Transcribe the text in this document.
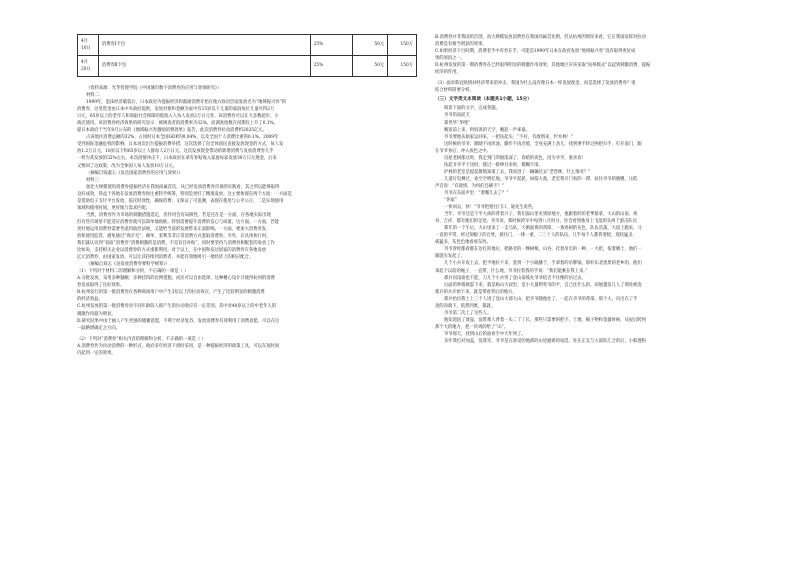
4月
10日	消费券Ⅰ卡包	25%	50元	150万

4月
20日	消费券Ⅱ卡包	25%	50元	150万
（资料来源：光华管理学院《中国城市数字消费券的应用与效果研究》）
材料二：
1999年，泡沫经济破裂后，日本政府为提振经济和鼓励消费开始在地方政府层面发放名为“地域振兴券”的
消费券，这笔资金由日本中央政府提供，发放对象和金额为家中有15岁以下儿童的家庭每位儿童可得2万
日元，65岁以上的老年人和领取社会保障的低收入人每人发放2万日元券。该消费券可以在大多数超市、小
商店使用。该消费券经济效果的研究显示：被调查者的消费率为32%，而调查指数在同期仅上升了0.1%。
提日本政府于当年8月公布的《地域振兴券激励消费效果》报告，此次消费券拉动消费约2025亿元。
占该地区消费总额的32%，占同时日本全国GDP的0.04%，以及全国个人消费比重的0.1%。2009年
受到国际金融危机的影响，日本再次出台提振消费举措，这次选择了向全体国民直接发放现金的方式，每人发
放1.2万日元，18岁以下和65岁以上人群每人2万日元。这次发放现金带动的新增消费与发放消费券几乎
一样为其发放的32%左右。本次疫情冲击下，日本政府在拿有补贴收入家庭每家发放30万日元现金，后来
又像回了这政策，改为全体国人每人发放10万日元。
（摘编自钱淑玉《发达国家消费券的应用与效果》）
材料三：
加比大规模使用消费券提振经济在我国尚属首次，从已经发放消费券市场的实践看，其之所以能够取得
良好成效，得益于各地在发放消费券时注重科学统筹，特别是更好了精准发放。这主要体现在两个方面：一方面是
是借助电子支付平台发放，依托时效性，确保消费；又保证了可追溯，表现在使用与公平公正，二是实现使用
领域和使用时间，更好地与需求匹配。
当然，消费券作为市场的刺激措施选定，但作用会有局限性。若是还在是一方面，在各地实际出现
但有些市场原不能适应消费券就可以简单地助推。特别需要提升消费的信心与质量，这方面。一方面，若能
更好地运用消费券需要考虑到政治法规，又能给当前的发展带来正面影响。一方面，要加大消费券发
放和使用监管，避免通过“商羊毛”、刷单、套利等非正常消费方式套取消费券。另外，在具体执行时，
我们就认识到“双面”消费券“消费刺激的是消费，不是盲目补贴”，同时要坚持与消费券相配套的发放工作
比如说，支持相关企业以消费券的方式重新利用。对于以上，在中国和发达国家的消费券在各地发放
亿元消费券，由国家发放，可以让其持续到消费者，并能有效地吸引一批经济上的相应配合。
（摘编自刘志《论发放消费券要科学统筹》）
（1）下列对于材料二的理解和分析，不正确的一项是（ ）
A.分批发放，采用多种题额，多种挂钩的比例措施，而民可以自由选择，这种精心设计计使得杭州的消费
券发放取得了良好效果。
B.杭州发行的第一批消费券在各种商场用户中产生3倍以上的拉动效应，产生了比较明显的刺激消费
的经济效益。
C.杭州发放的第一批消费券对不同年龄段人群产生的拉动效应有一定差别，其中对40岁以上的中老年人的
刺激作用最为明显。
D.研究结果中由于抽人产生更强的储蓄意愿，不利于经济复苏，发放消费券有效利用了消费意愿，可以在这
一歧路增确定之方向。
（2）下列对“消费券”相关内容的理解和分析，不正确的一项是（ ）
A.消费券作为拉动消费的一种形式，政府多年经济下滑时采用，是一种提振经济的政策工具，可以在短时间
内起到一定的效果。
B.消费券并非我国的首创，而大规模发放消费券在我国尚属首先例，但从杭州的情况来看，它在我国发挥对拉动
消费是有相当明显的效果。
C.如果经济下行时期，消费者手中有券在手，可能是1999年日本在政府发放“地域振兴券”没有取得更好成
果的原因之一。
D.杭州发放的第一期消费券在已经取得明显的刺激作用效果，其他地区应该采取“杭州模式”以起到刺激消费，提振
经济的作用。
（3）面对新冠疫情对经济带来的冲击，我国为什么没有像日本一样发放现金，而是选择了发放消费券？请
结合材料简要分析。
（三）文学类文本阅读（本题共1小题，15分）
阅读下面的文字，完成各题。
爷爷的南泥天
郑世华“华哩”
晚饭前上来，阿妈说的天空，晚起一声乖嘉。
爷爷要他从娘家运回来，一把扶起头：“不好，有敌情来，杉木林！”
这时候的爷爷，眼睛不再浑浊，脚步不再迟缓，全身充满上劲儿，找到弹手转过两把扫手，打开南门，跟
在爷爷身后，冲入夜色之中。
房屋老树都这时，我走到门的烟落深了，昏暗的夜色，因为爷爷，谁喜欢！
扶起爷爷平下送时，缝过一排棒目来时，模糊不清。
护林的老室是提起敬地知道了去。我说进了一辆辆过去“老营林，什么情况？”
几道灯电剩过，欢空空明忆地。爷爷平起轮，如临大敌，老室我开门看的一滞，扯住爷爷的胳膊，压低
声音说：“有敌情，为何们还刷卡？”
爷爷在东面声里：“着哪儿去了？”
“你家”
一快回去，快！”爷爷把枪往门口，迪先生说些。
当年，爷爷还是个半大孩的背着月子，我们面山里来到原地方，他跟着的的老爹接拿，大山的山南、鸡
谷、吉祥、都有他们的足迹。爷爷说，那时候的军中每到八月时分，你会看到他身上飞落的头两个游击队员
那年的一个午后，大山里来了一支马队，大刺面黄的剑锋，一条鸡树的灰色，队伍浩荡，大道上跑来，马
一直的平常，经过刻板子的百姓，接住门，一排一重，二三十人的队伍，几乎每个人都背着枪，现状猛多、
威猛多，灰色色地看看东西。
爷爷曾经都看都在边打的地后，把路旁的一棵树根，山谷，挂着吊出的一种，一大把，依着腾土，他们一
眼就实发起了。
几个小兵开攻上去，把平地拉下来，套到一个小隔播于，手拿着的吊牌锅，那杆东北黑黑的老乡的，他们
拿起个以前的绳子，一直带，什么地，爷爷拉着我的手说：“我们能乘在我上来。”
那兵问浅谁也不能，刀几个小兵突了登山南坡丸爷爷结舌不住像的吊过去。
后面的拳墙被震下来，就是杨山大叔里，是小大量利奖爷的平，自己往什么的，却展越发几人了那处被洗
那兵的兵开始下来，就是带看背后的地方。
那兵抬出我上上三个人进了登山大部大山，把爷爷随他往了，一起在爷爷的背部，那个大，吊出在了半
爸的顶端下，依然到底，都就。
爷爷第二次上了这些人。
他知道因了敌寇，没带那人背着一头二丁丁长，那些只需要的把不，土地、稿子物和金器时候，从屋后跨到
那个大的地方，把一块鸡的给了“山”。
爷爷那天，找到山后的面看手中大年到了。
多年我打对加盖，没我军，爷爷是在备受的地部的山里避难的说活。处在正支与大部队汇合的后，小狐狸狗
